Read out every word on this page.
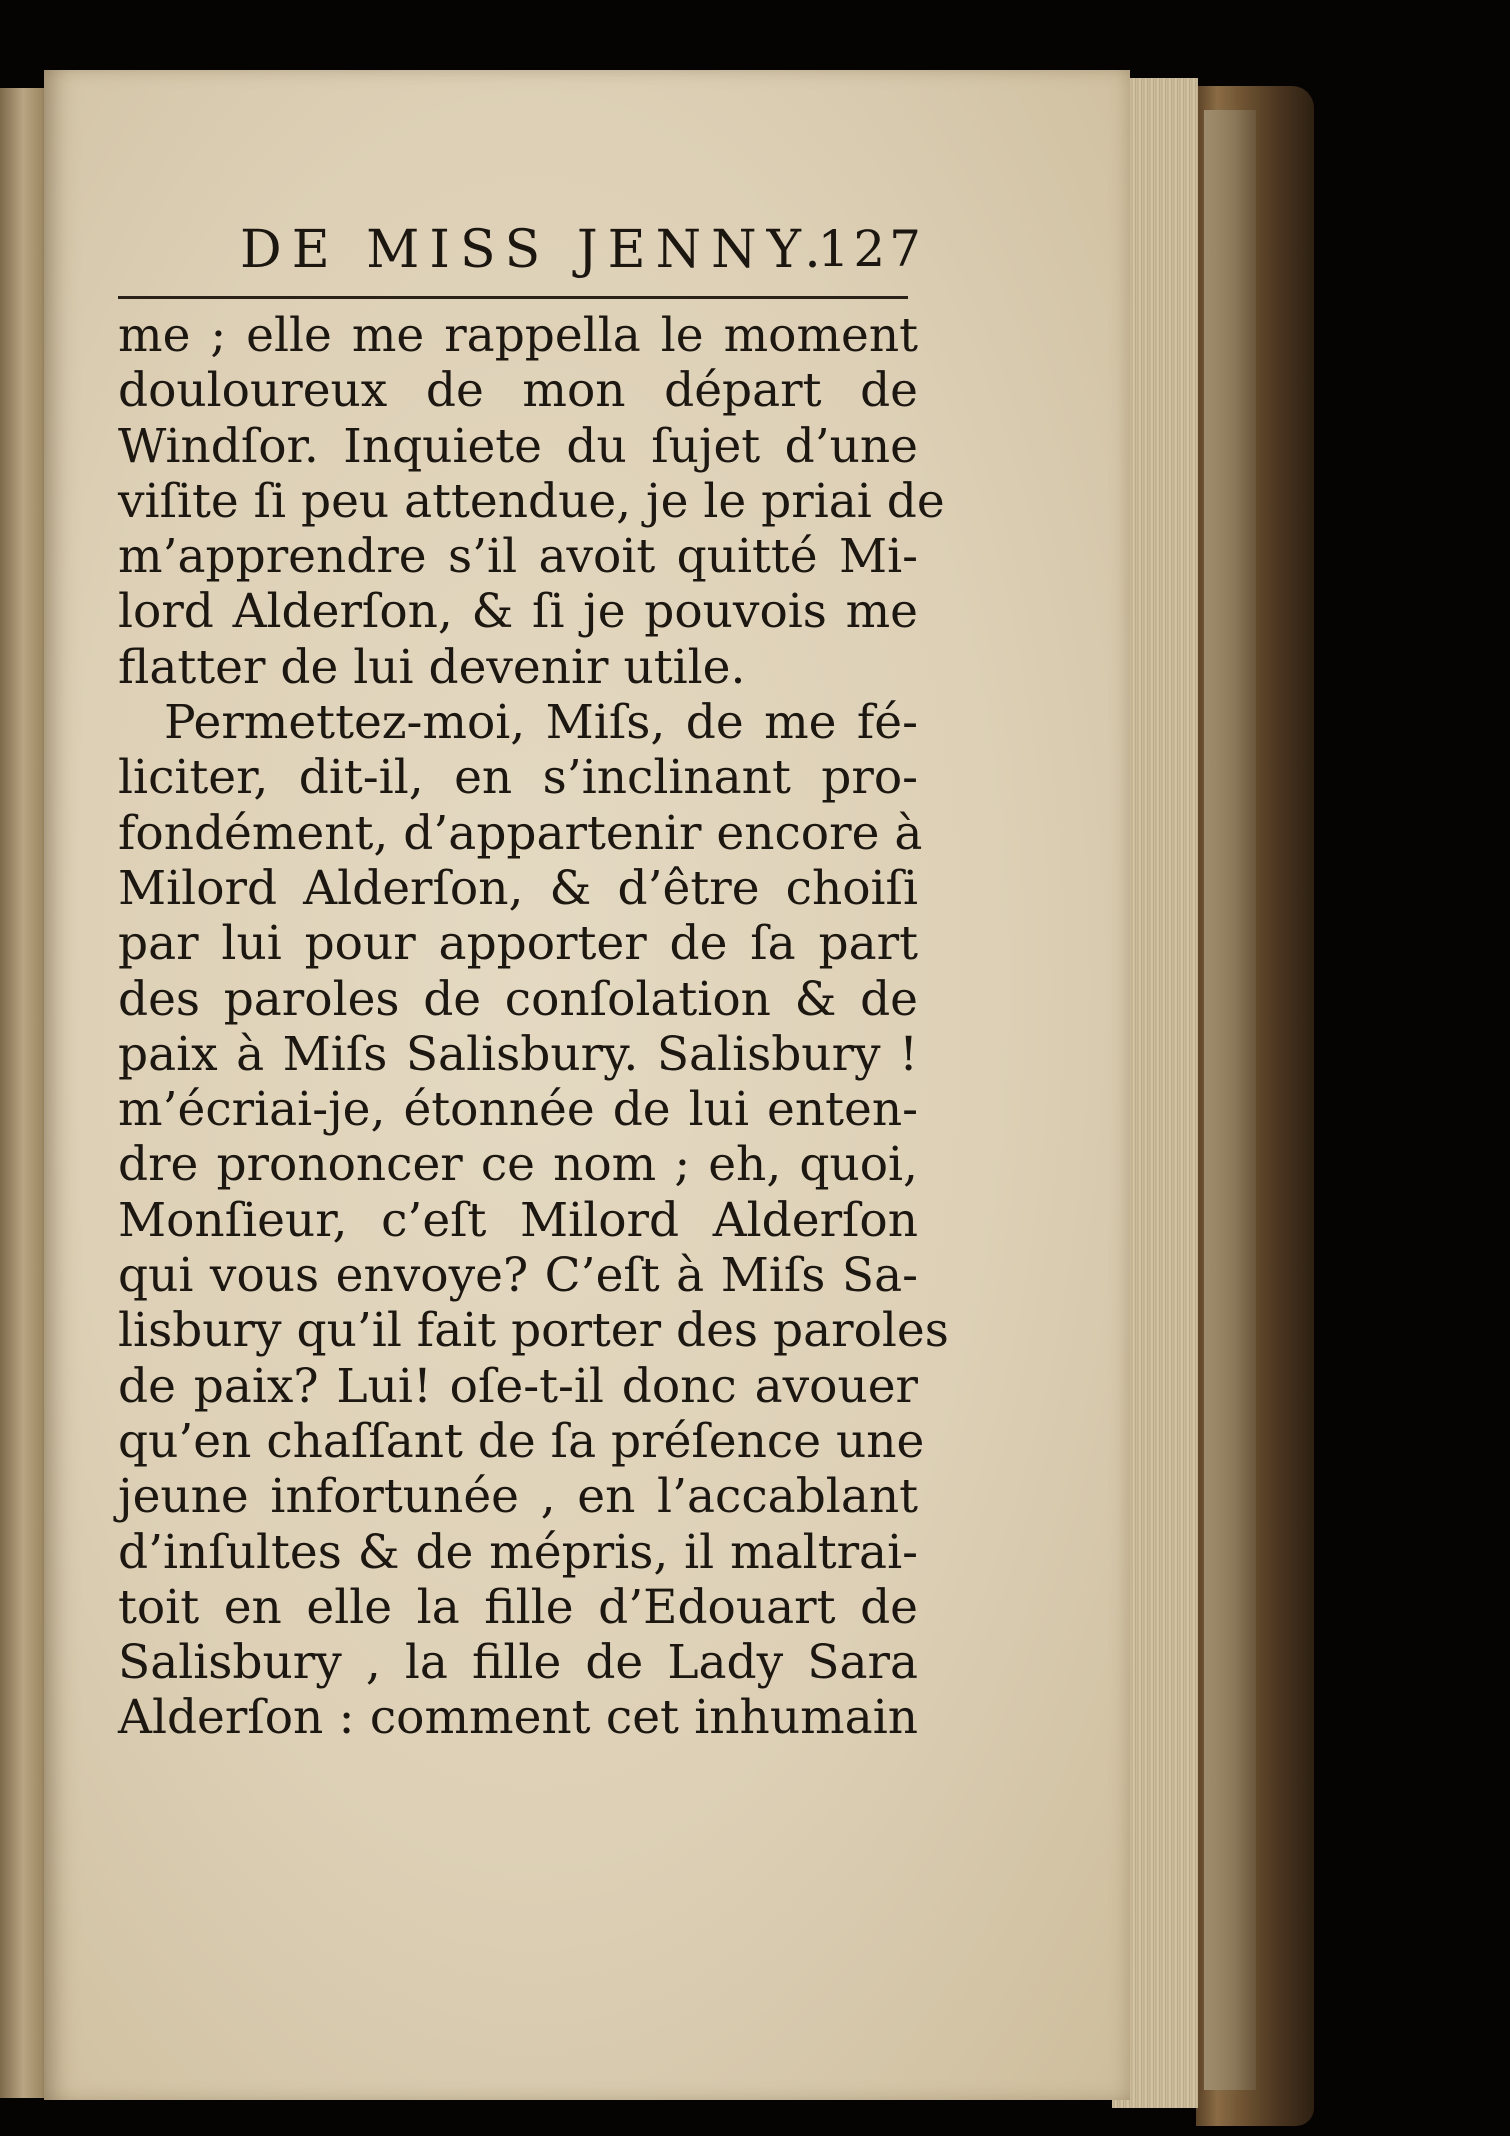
DE MISS JENNY.
127
me ; elle me rappella le moment
douloureux de mon départ de
Windſor. Inquiete du ſujet d’une
viſite ſi peu attendue, je le priai de
m’apprendre s’il avoit quitté Mi-
lord Alderſon, & ſi je pouvois me
flatter de lui devenir utile.
Permettez-moi, Miſs, de me fé-
liciter, dit-il, en s’inclinant pro-
fondément, d’appartenir encore à
Milord Alderſon, & d’être choiſi
par lui pour apporter de ſa part
des paroles de conſolation & de
paix à Miſs Salisbury. Salisbury !
m’écriai-je, étonnée de lui enten-
dre prononcer ce nom ; eh, quoi,
Monſieur, c’eſt Milord Alderſon
qui vous envoye? C’eſt à Miſs Sa-
lisbury qu’il fait porter des paroles
de paix? Lui! oſe-t-il donc avouer
qu’en chaſſant de ſa préſence une
jeune infortunée , en l’accablant
d’inſultes & de mépris, il maltrai-
toit en elle la fille d’Edouart de
Salisbury , la fille de Lady Sara
Alderſon : comment cet inhumain
